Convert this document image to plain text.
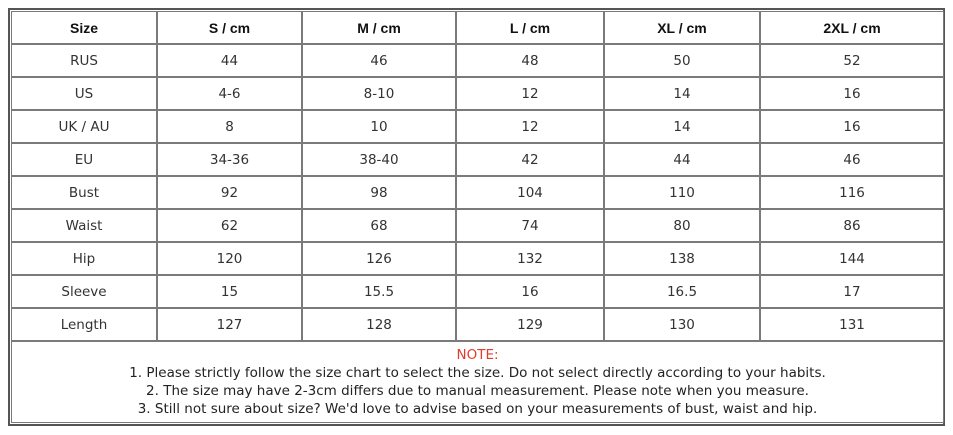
Size	S / cm	M / cm	L / cm	XL / cm	2XL / cm
RUS	44	46	48	50	52
US	4-6	8-10	12	14	16
UK / AU	8	10	12	14	16
EU	34-36	38-40	42	44	46
Bust	92	98	104	110	116
Waist	62	68	74	80	86
Hip	120	126	132	138	144
Sleeve	15	15.5	16	16.5	17
Length	127	128	129	130	131

NOTE:
1. Please strictly follow the size chart to select the size. Do not select directly according to your habits.
2. The size may have 2-3cm differs due to manual measurement. Please note when you measure.
3. Still not sure about size? We'd love to advise based on your measurements of bust, waist and hip.					
